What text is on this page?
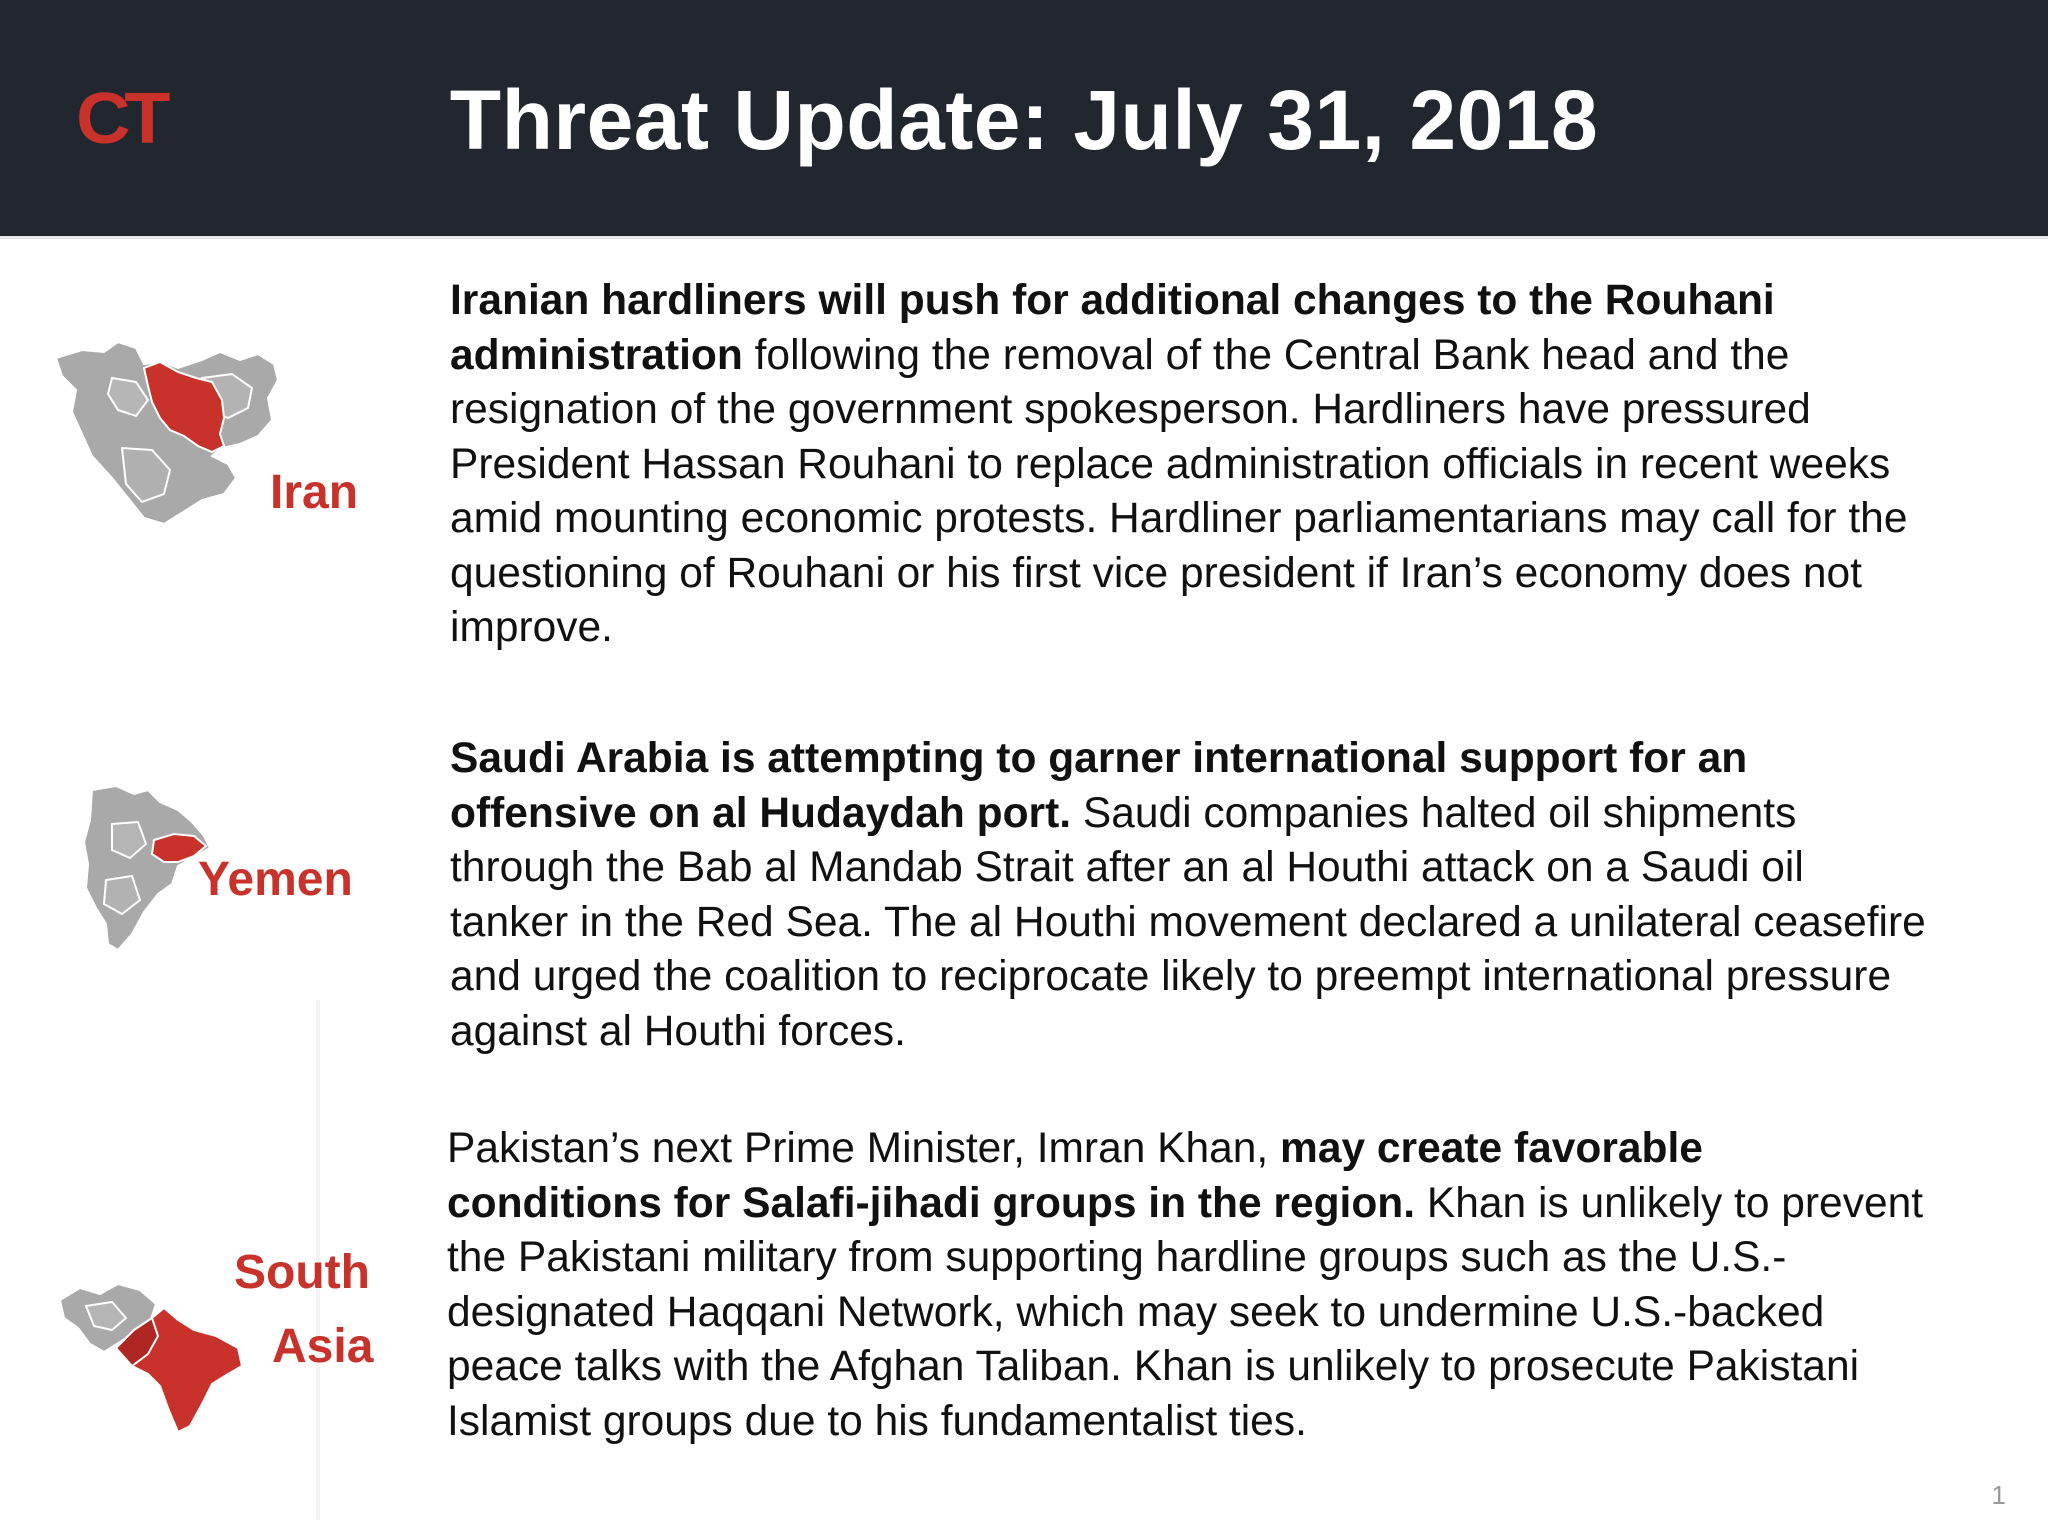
CT	Threat Update: July 31, 2018
Iran
Iranian hardliners will push for additional changes to the Rouhani administration following the removal of the Central Bank head and the resignation of the government spokesperson. Hardliners have pressured President Hassan Rouhani to replace administration officials in recent weeks amid mounting economic protests. Hardliner parliamentarians may call for the questioning of Rouhani or his first vice president if Iran’s economy does not improve.
Yemen
Saudi Arabia is attempting to garner international support for an offensive on al Hudaydah port. Saudi companies halted oil shipments through the Bab al Mandab Strait after an al Houthi attack on a Saudi oil tanker in the Red Sea. The al Houthi movement declared a unilateral ceasefire and urged the coalition to reciprocate likely to preempt international pressure against al Houthi forces.
South
Asia
Pakistan’s next Prime Minister, Imran Khan, may create favorable conditions for Salafi-jihadi groups in the region. Khan is unlikely to prevent the Pakistani military from supporting hardline groups such as the U.S.-designated Haqqani Network, which may seek to undermine U.S.-backed peace talks with the Afghan Taliban. Khan is unlikely to prosecute Pakistani Islamist groups due to his fundamentalist ties.
1
